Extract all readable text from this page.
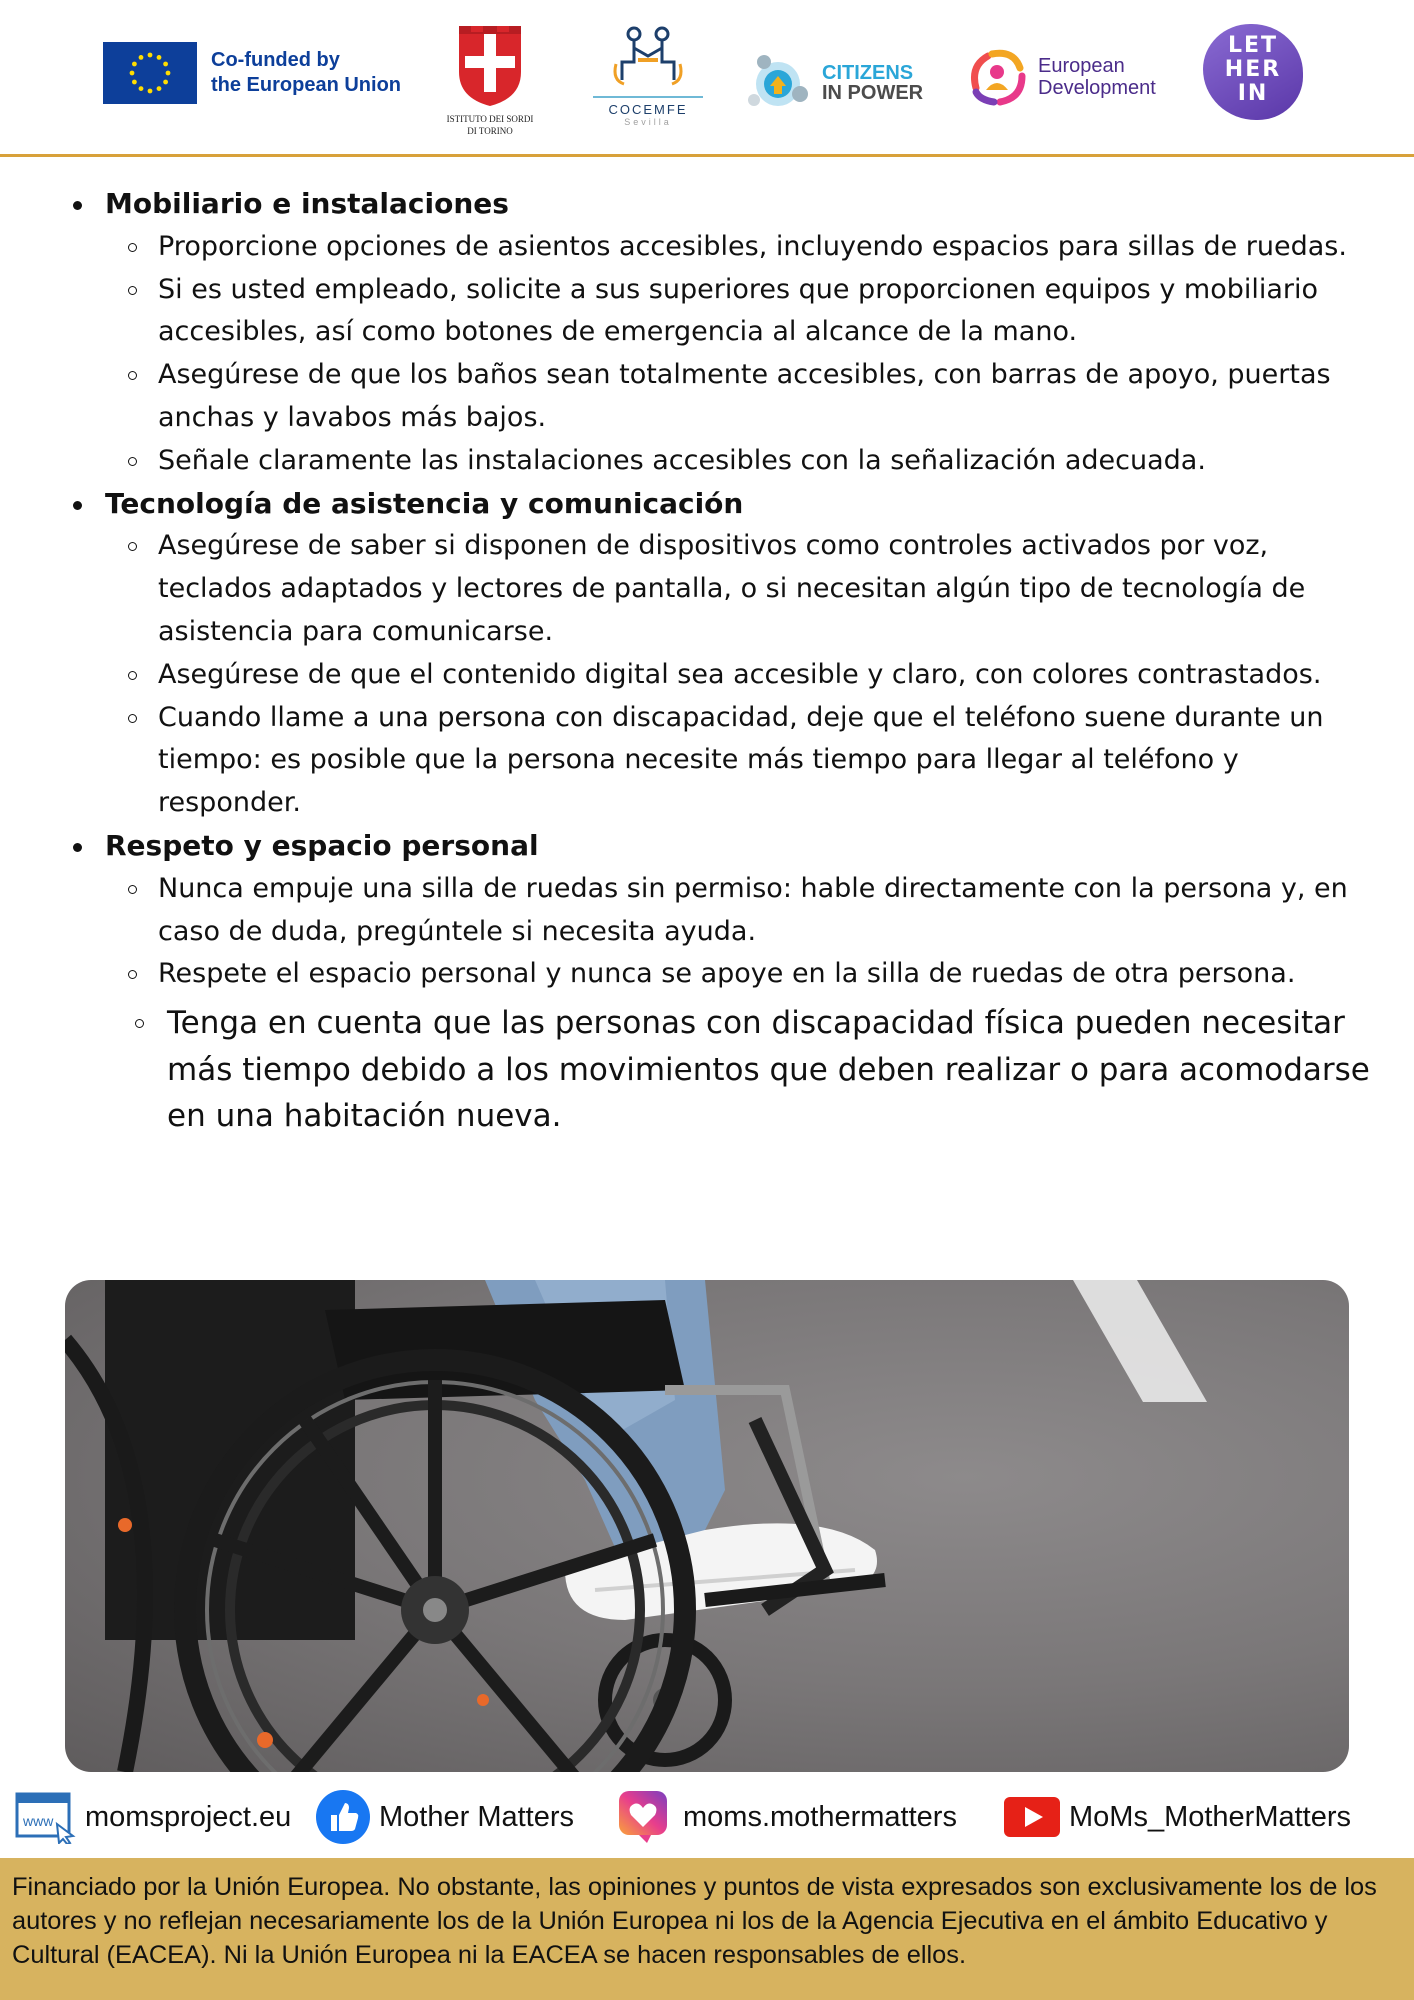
Co-funded by
the European Union
ISTITUTO DEI SORDI
DI TORINO
COCEMFE
Sevilla
CITIZENS
IN POWER
European
Development
LET
HER
IN
Mobiliario e instalaciones
Proporcione opciones de asientos accesibles, incluyendo espacios para sillas de ruedas.
Si es usted empleado, solicite a sus superiores que proporcionen equipos y mobiliario accesibles, así como botones de emergencia al alcance de la mano.
Asegúrese de que los baños sean totalmente accesibles, con barras de apoyo, puertas anchas y lavabos más bajos.
Señale claramente las instalaciones accesibles con la señalización adecuada.
Tecnología de asistencia y comunicación
Asegúrese de saber si disponen de dispositivos como controles activados por voz, teclados adaptados y lectores de pantalla, o si necesitan algún tipo de tecnología de asistencia para comunicarse.
Asegúrese de que el contenido digital sea accesible y claro, con colores contrastados.
Cuando llame a una persona con discapacidad, deje que el teléfono suene durante un tiempo: es posible que la persona necesite más tiempo para llegar al teléfono y responder.
Respeto y espacio personal
Nunca empuje una silla de ruedas sin permiso: hable directamente con la persona y, en caso de duda, pregúntele si necesita ayuda.
Respete el espacio personal y nunca se apoye en la silla de ruedas de otra persona.
Tenga en cuenta que las personas con discapacidad física pueden necesitar más tiempo debido a los movimientos que deben realizar o para acomodarse en una habitación nueva.
www momsproject.eu	Mother Matters	moms.mothermatters	MoMs_MotherMatters

Financiado por la Unión Europea. No obstante, las opiniones y puntos de vista expresados son exclusivamente los de los autores y no reflejan necesariamente los de la Unión Europea ni los de la Agencia Ejecutiva en el ámbito Educativo y Cultural (EACEA). Ni la Unión Europea ni la EACEA se hacen responsables de ellos.
